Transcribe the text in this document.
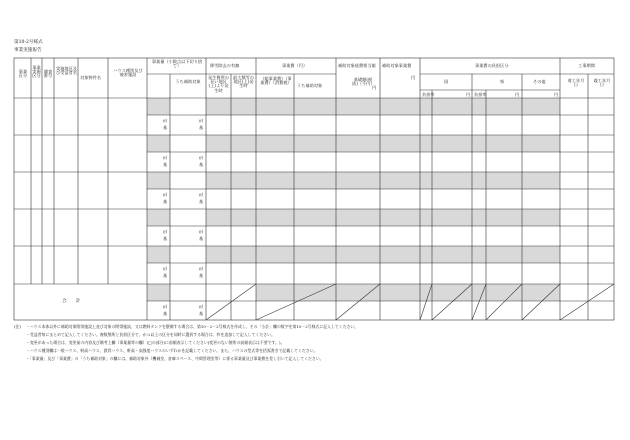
第10-2号様式
事業実施報告
事業区分
事業実施区分
調査番号
実施地区及び受益者名
対象物件名
ハウス種別及び被害施設
事業量（小数点以下切り捨て）
うち補助対象
降雪除去の有無
発生箇所の長い地区(上)より発生時
最大積雪の地区(上)発生時
事業費（円）
（総事業費）（事業費）（消費税）
うち補助対象
補助対象経費相当額
基礎額(税抜)（千円）
円
補助対象事業費
円
事業費の負担区分
国
負担率	円
県
負担率	円
その他
円
工事期間
着工年月日
竣工年月日
㎡
基
㎡
基
㎡
基
㎡
基
㎡
基
㎡
基
㎡
基
㎡
基
㎡
基
㎡
基
㎡
基
㎡
基
合　　計
(注) ・ハウス本体以外に補助対象附帯施設上並び対象の附帯施設、又は燃料タンクを整備する場合は、第10－2－2号様式を作成し、その「小計」欄の数字を第10－2号様式に記入してください。
・受益者毎にまとめて記入してください。複数箇所と負担区分で、かつ以上の区分を同時に選択する場合は、枠を追加して記入してください。
・変更があった場合は、変更前の内容及び備考上欄（事業量等の欄）(□の部分)に前額表示してください(変更のない箇所の前額表示は不要です。)。
・ハウス種別欄は一般ハウス、軒高ハウス、鉄骨ハウス、軒高・高強度ハウスのいずれかを記載してください。また、ハウスの型式等を括弧書きで記載してください。
・「事業量」及び「事業費」の「うち補助対象」の欄には、補助対象外（機械室、倉庫スペース、中間管理室等）に係る事業量及び事業費を差し引いて記入してください。
